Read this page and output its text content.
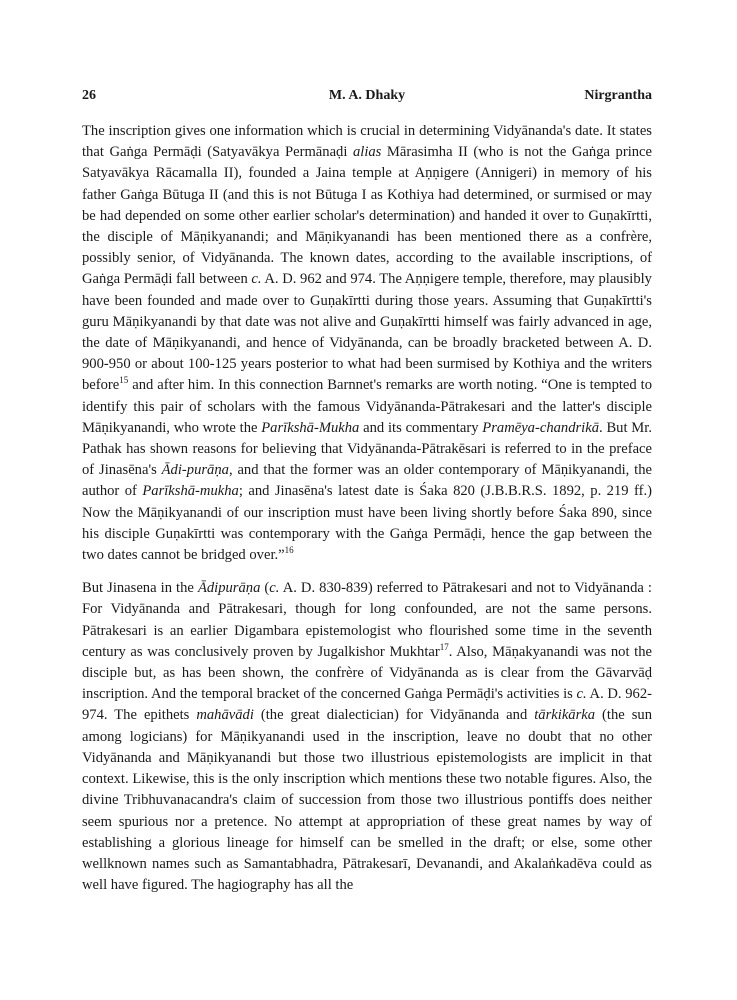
26	M. A. Dhaky	Nirgrantha

The inscription gives one information which is crucial in determining Vidyānanda's date. It states that Gaṅga Permāḍi (Satyavākya Permānaḍi alias Mārasimha II (who is not the Gaṅga prince Satyavākya Rācamalla II), founded a Jaina temple at Aṇṇigere (Annigeri) in memory of his father Gaṅga Būtuga II (and this is not Būtuga I as Kothiya had determined, or surmised or may be had depended on some other earlier scholar's determination) and handed it over to Guṇakīrtti, the disciple of Māṇikyanandi; and Māṇikyanandi has been mentioned there as a confrère, possibly senior, of Vidyānanda. The known dates, according to the available inscriptions, of Gaṅga Permāḍi fall between c. A. D. 962 and 974. The Aṇṇigere temple, therefore, may plausibly have been founded and made over to Guṇakīrtti during those years. Assuming that Guṇakīrtti's guru Māṇikyanandi by that date was not alive and Guṇakīrtti himself was fairly advanced in age, the date of Māṇikyanandi, and hence of Vidyānanda, can be broadly bracketed between A. D. 900-950 or about 100-125 years posterior to what had been surmised by Kothiya and the writers before$^{15}$ and after him. In this connection Barnnet's remarks are worth noting. “One is tempted to identify this pair of scholars with the famous Vidyānanda-Pātrakesari and the latter's disciple Māṇikyanandi, who wrote the Parīkshā-Mukha and its commentary Pramēya-chandrikā. But Mr. Pathak has shown reasons for believing that Vidyānanda-Pātrakēsari is referred to in the preface of Jinasēna's Ādi-purāṇa, and that the former was an older contemporary of Māṇikyanandi, the author of Parīkshā-mukha; and Jinasēna's latest date is Śaka 820 (J.B.B.R.S. 1892, p. 219 ff.) Now the Māṇikyanandi of our inscription must have been living shortly before Śaka 890, since his disciple Guṇakīrtti was contemporary with the Gaṅga Permāḍi, hence the gap between the two dates cannot be bridged over.”$^{16}$

But Jinasena in the Ādipurāṇa (c. A. D. 830-839) referred to Pātrakesari and not to Vidyānanda : For Vidyānanda and Pātrakesari, though for long confounded, are not the same persons. Pātrakesari is an earlier Digambara epistemologist who flourished some time in the seventh century as was conclusively proven by Jugalkishor Mukhtar$^{17}$. Also, Māṇakyanandi was not the disciple but, as has been shown, the confrère of Vidyānanda as is clear from the Gāvarvāḍ inscription. And the temporal bracket of the concerned Gaṅga Permāḍi's activities is c. A. D. 962-974. The epithets mahāvādi (the great dialectician) for Vidyānanda and tārkikārka (the sun among logicians) for Māṇikyanandi used in the inscription, leave no doubt that no other Vidyānanda and Māṇikyanandi but those two illustrious epistemologists are implicit in that context. Likewise, this is the only inscription which mentions these two notable figures. Also, the divine Tribhuvanacandra's claim of succession from those two illustrious pontiffs does neither seem spurious nor a pretence. No attempt at appropriation of these great names by way of establishing a glorious lineage for himself can be smelled in the draft; or else, some other wellknown names such as Samantabhadra, Pātrakesarī, Devanandi, and Akalaṅkadēva could as well have figured. The hagiography has all the
